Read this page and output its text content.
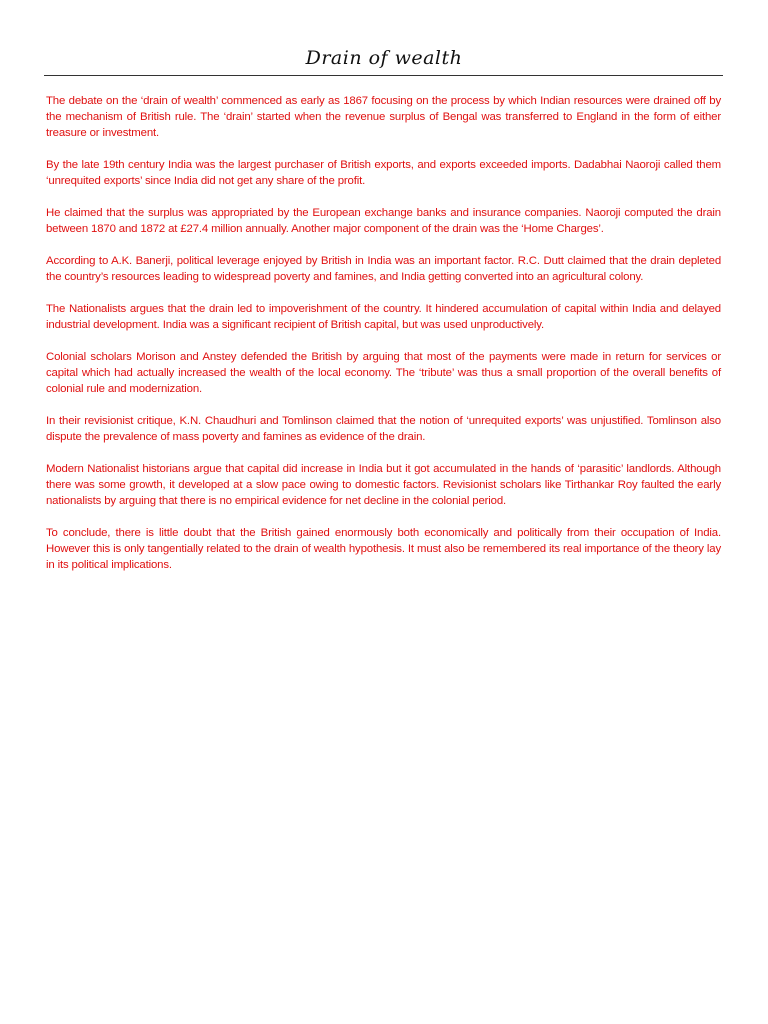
Drain of wealth

The debate on the ‘drain of wealth’ commenced as early as 1867 focusing on the process by which Indian resources were drained off by the mechanism of British rule. The ‘drain’ started when the revenue surplus of Bengal was transferred to England in the form of either treasure or investment.

By the late 19th century India was the largest purchaser of British exports, and exports exceeded imports. Dadabhai Naoroji called them ‘unrequited exports’ since India did not get any share of the profit.

He claimed that the surplus was appropriated by the European exchange banks and insurance companies. Naoroji computed the drain between 1870 and 1872 at £27.4 million annually. Another major component of the drain was the ‘Home Charges’.

According to A.K. Banerji, political leverage enjoyed by British in India was an important factor. R.C. Dutt claimed that the drain depleted the country’s resources leading to widespread poverty and famines, and India getting converted into an agricultural colony.

The Nationalists argues that the drain led to impoverishment of the country. It hindered accumulation of capital within India and delayed industrial development. India was a significant recipient of British capital, but was used unproductively.

Colonial scholars Morison and Anstey defended the British by arguing that most of the payments were made in return for services or capital which had actually increased the wealth of the local economy. The ‘tribute’ was thus a small proportion of the overall benefits of colonial rule and modernization.

In their revisionist critique, K.N. Chaudhuri and Tomlinson claimed that the notion of ‘unrequited exports’ was unjustified. Tomlinson also dispute the prevalence of mass poverty and famines as evidence of the drain.

Modern Nationalist historians argue that capital did increase in India but it got accumulated in the hands of ‘parasitic’ landlords. Although there was some growth, it developed at a slow pace owing to domestic factors. Revisionist scholars like Tirthankar Roy faulted the early nationalists by arguing that there is no empirical evidence for net decline in the colonial period.

To conclude, there is little doubt that the British gained enormously both economically and politically from their occupation of India. However this is only tangentially related to the drain of wealth hypothesis. It must also be remembered its real importance of the theory lay in its political implications.
